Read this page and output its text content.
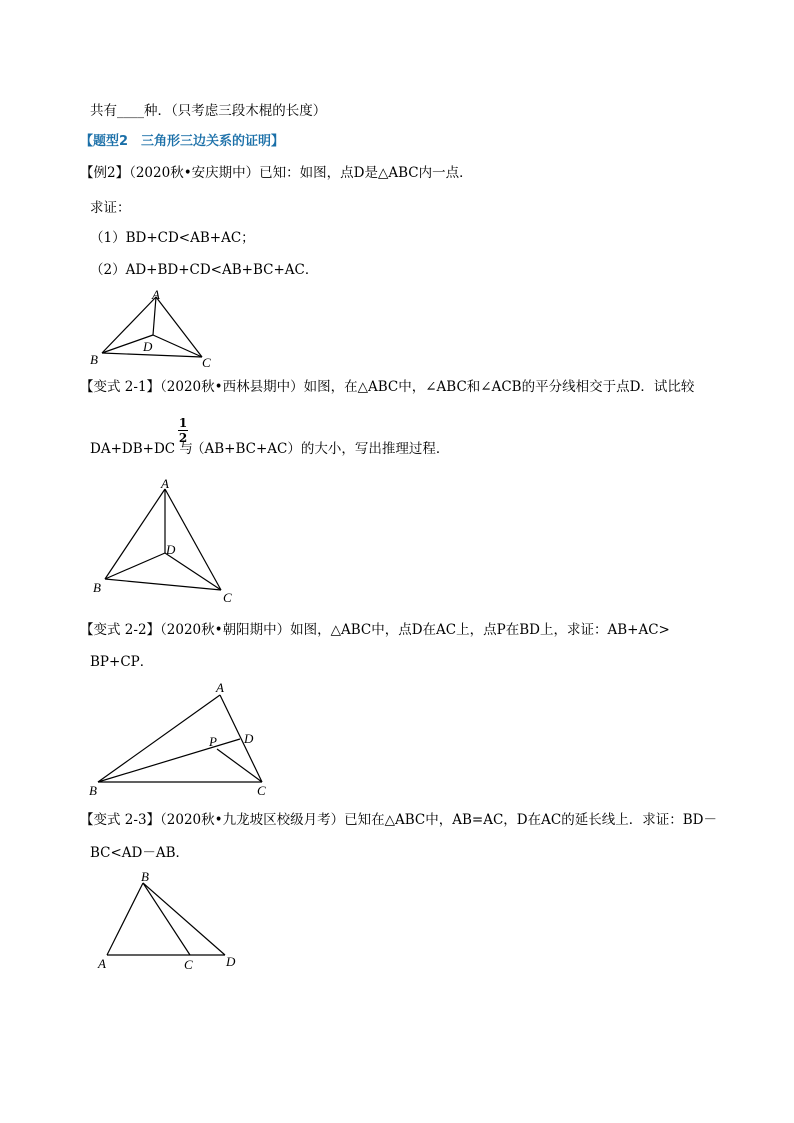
共有____种．（只考虑三段木棍的长度）
【题型2　三角形三边关系的证明】
【例2】（2020秋•安庆期中）已知：如图，点D是△ABC内一点．
求证：
（1）BD+CD<AB+AC；
（2）AD+BD+CD<AB+BC+AC．
A
B	C
D
【变式 2-1】（2020秋•西林县期中）如图，在△ABC中，∠ABC和∠ACB的平分线相交于点D．试比较
DA+DB+DC 与
1
2
（AB+BC+AC）的大小，写出推理过程．
A
B
C
D
【变式 2-2】（2020秋•朝阳期中）如图，△ABC中，点D在AC上，点P在BD上，求证：AB+AC>
BP+CP．
A
B	C
D
P
【变式 2-3】（2020秋•九龙坡区校级月考）已知在△ABC中，AB=AC，D在AC的延长线上．求证：BD－
BC<AD－AB．
B
A	C	D
